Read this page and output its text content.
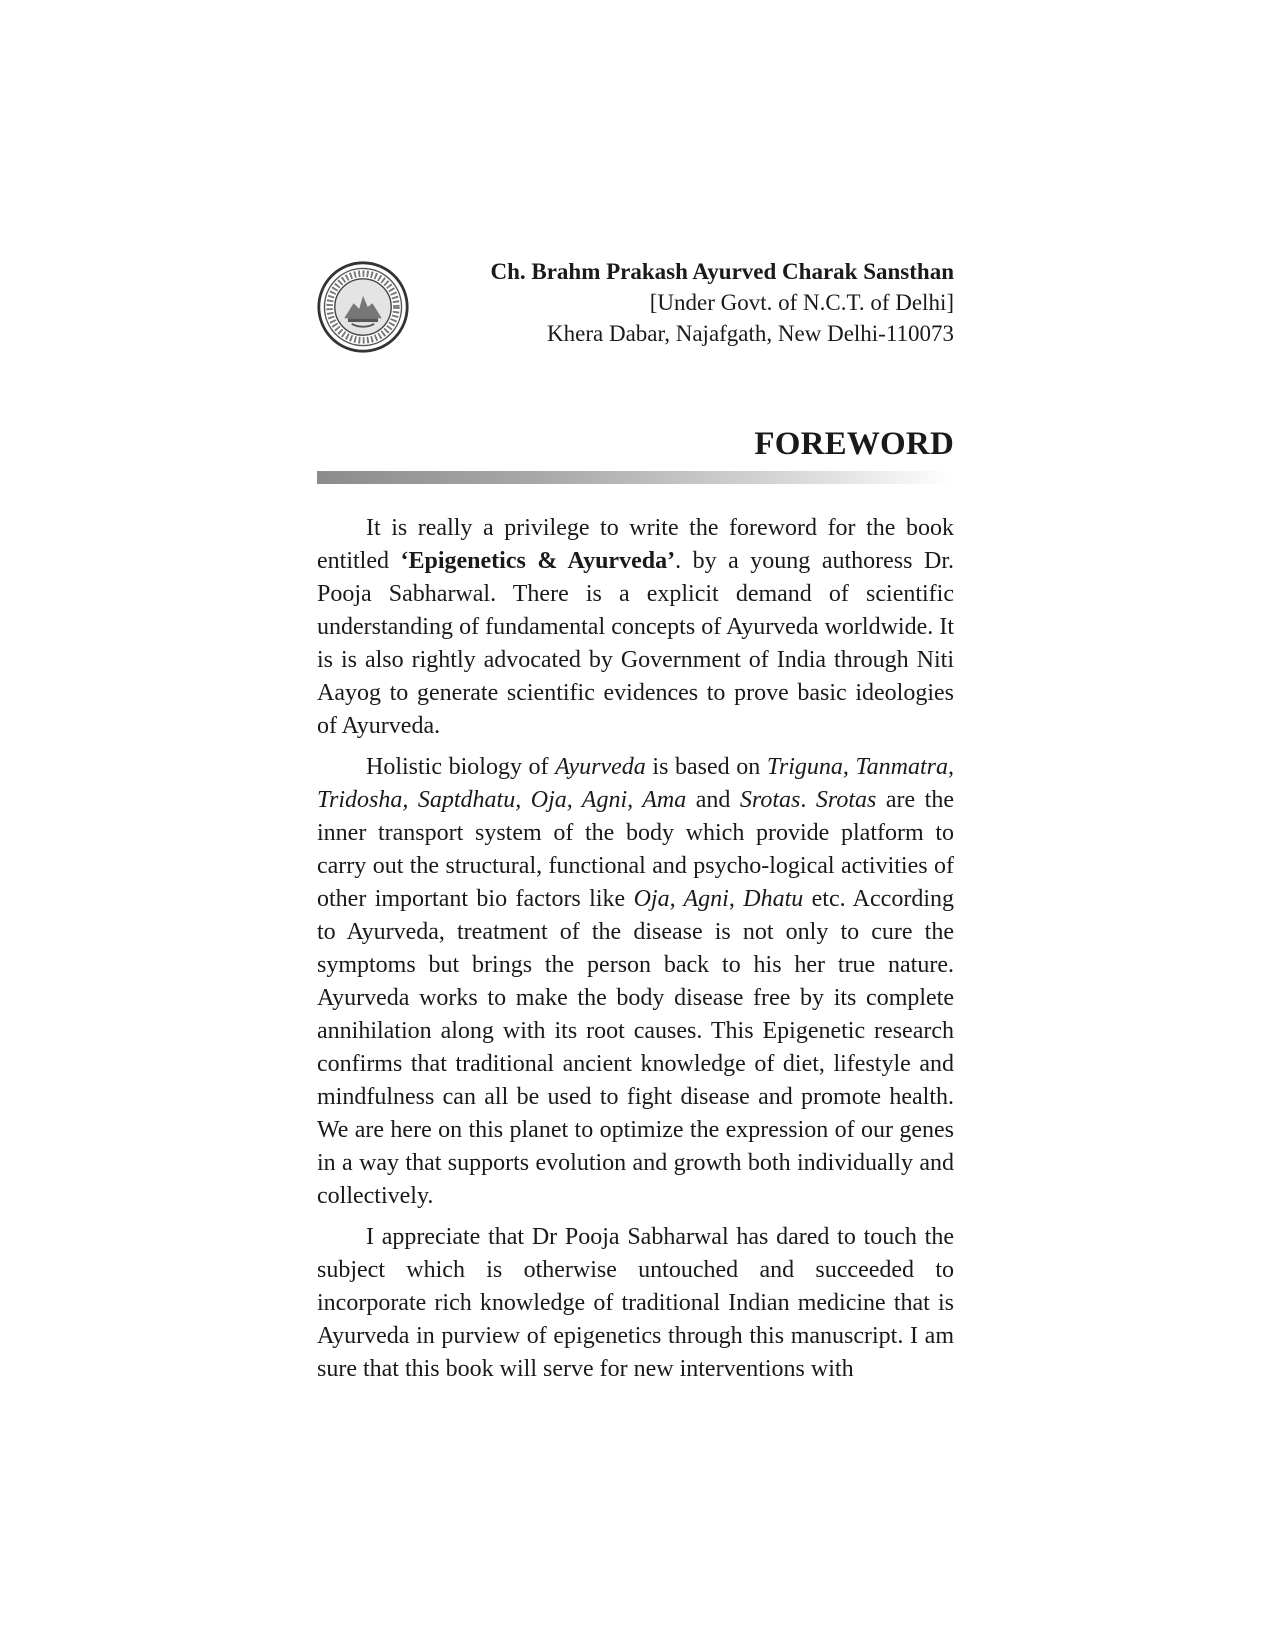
Ch. Brahm Prakash Ayurved Charak Sansthan
[Under Govt. of N.C.T. of Delhi]
Khera Dabar, Najafgath, New Delhi-110073
FOREWORD

It is really a privilege to write the foreword for the book entitled ‘Epigenetics & Ayurveda’. by a young authoress Dr. Pooja Sabharwal. There is a explicit demand of scientific understanding of fundamental concepts of Ayurveda worldwide. It is is also rightly advocated by Government of India through Niti Aayog to generate scientific evidences to prove basic ideologies of Ayurveda.

Holistic biology of Ayurveda is based on Triguna, Tanmatra, Tridosha, Saptdhatu, Oja, Agni, Ama and Srotas. Srotas are the inner transport system of the body which provide platform to carry out the structural, functional and psycho-logical activities of other important bio factors like Oja, Agni, Dhatu etc. According to Ayurveda, treatment of the disease is not only to cure the symptoms but brings the person back to his her true nature. Ayurveda works to make the body disease free by its complete annihilation along with its root causes. This Epigenetic research confirms that traditional ancient knowledge of diet, lifestyle and mindfulness can all be used to fight disease and promote health. We are here on this planet to optimize the expression of our genes in a way that supports evolution and growth both individually and collectively.

I appreciate that Dr Pooja Sabharwal has dared to touch the subject which is otherwise untouched and succeeded to incorporate rich knowledge of traditional Indian medicine that is Ayurveda in purview of epigenetics through this manuscript. I am sure that this book will serve for new interventions with
